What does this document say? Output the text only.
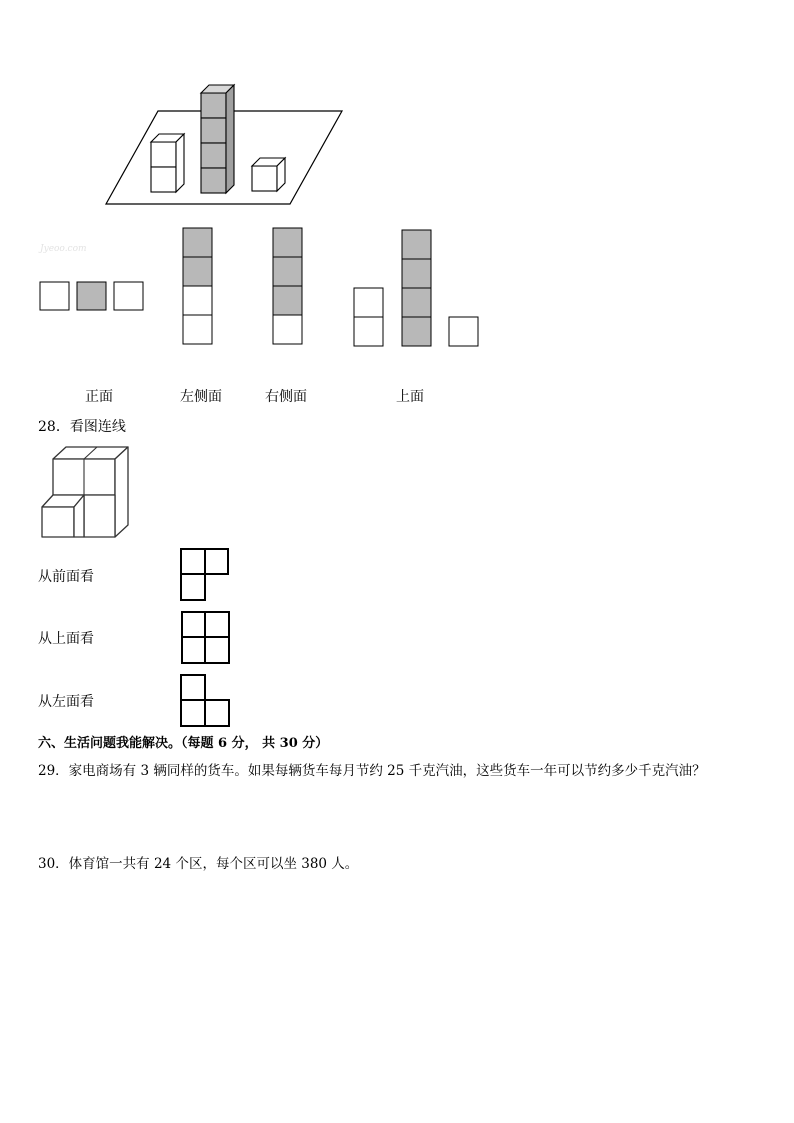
Jyeoo.com
正面	左侧面	右侧面	上面
28．看图连线
从前面看
从上面看
从左面看
六、生活问题我能解决。（每题 6 分， 共 30 分）
29．家电商场有 3 辆同样的货车。如果每辆货车每月节约 25 千克汽油，这些货车一年可以节约多少千克汽油？
30．体育馆一共有 24 个区，每个区可以坐 380 人。
